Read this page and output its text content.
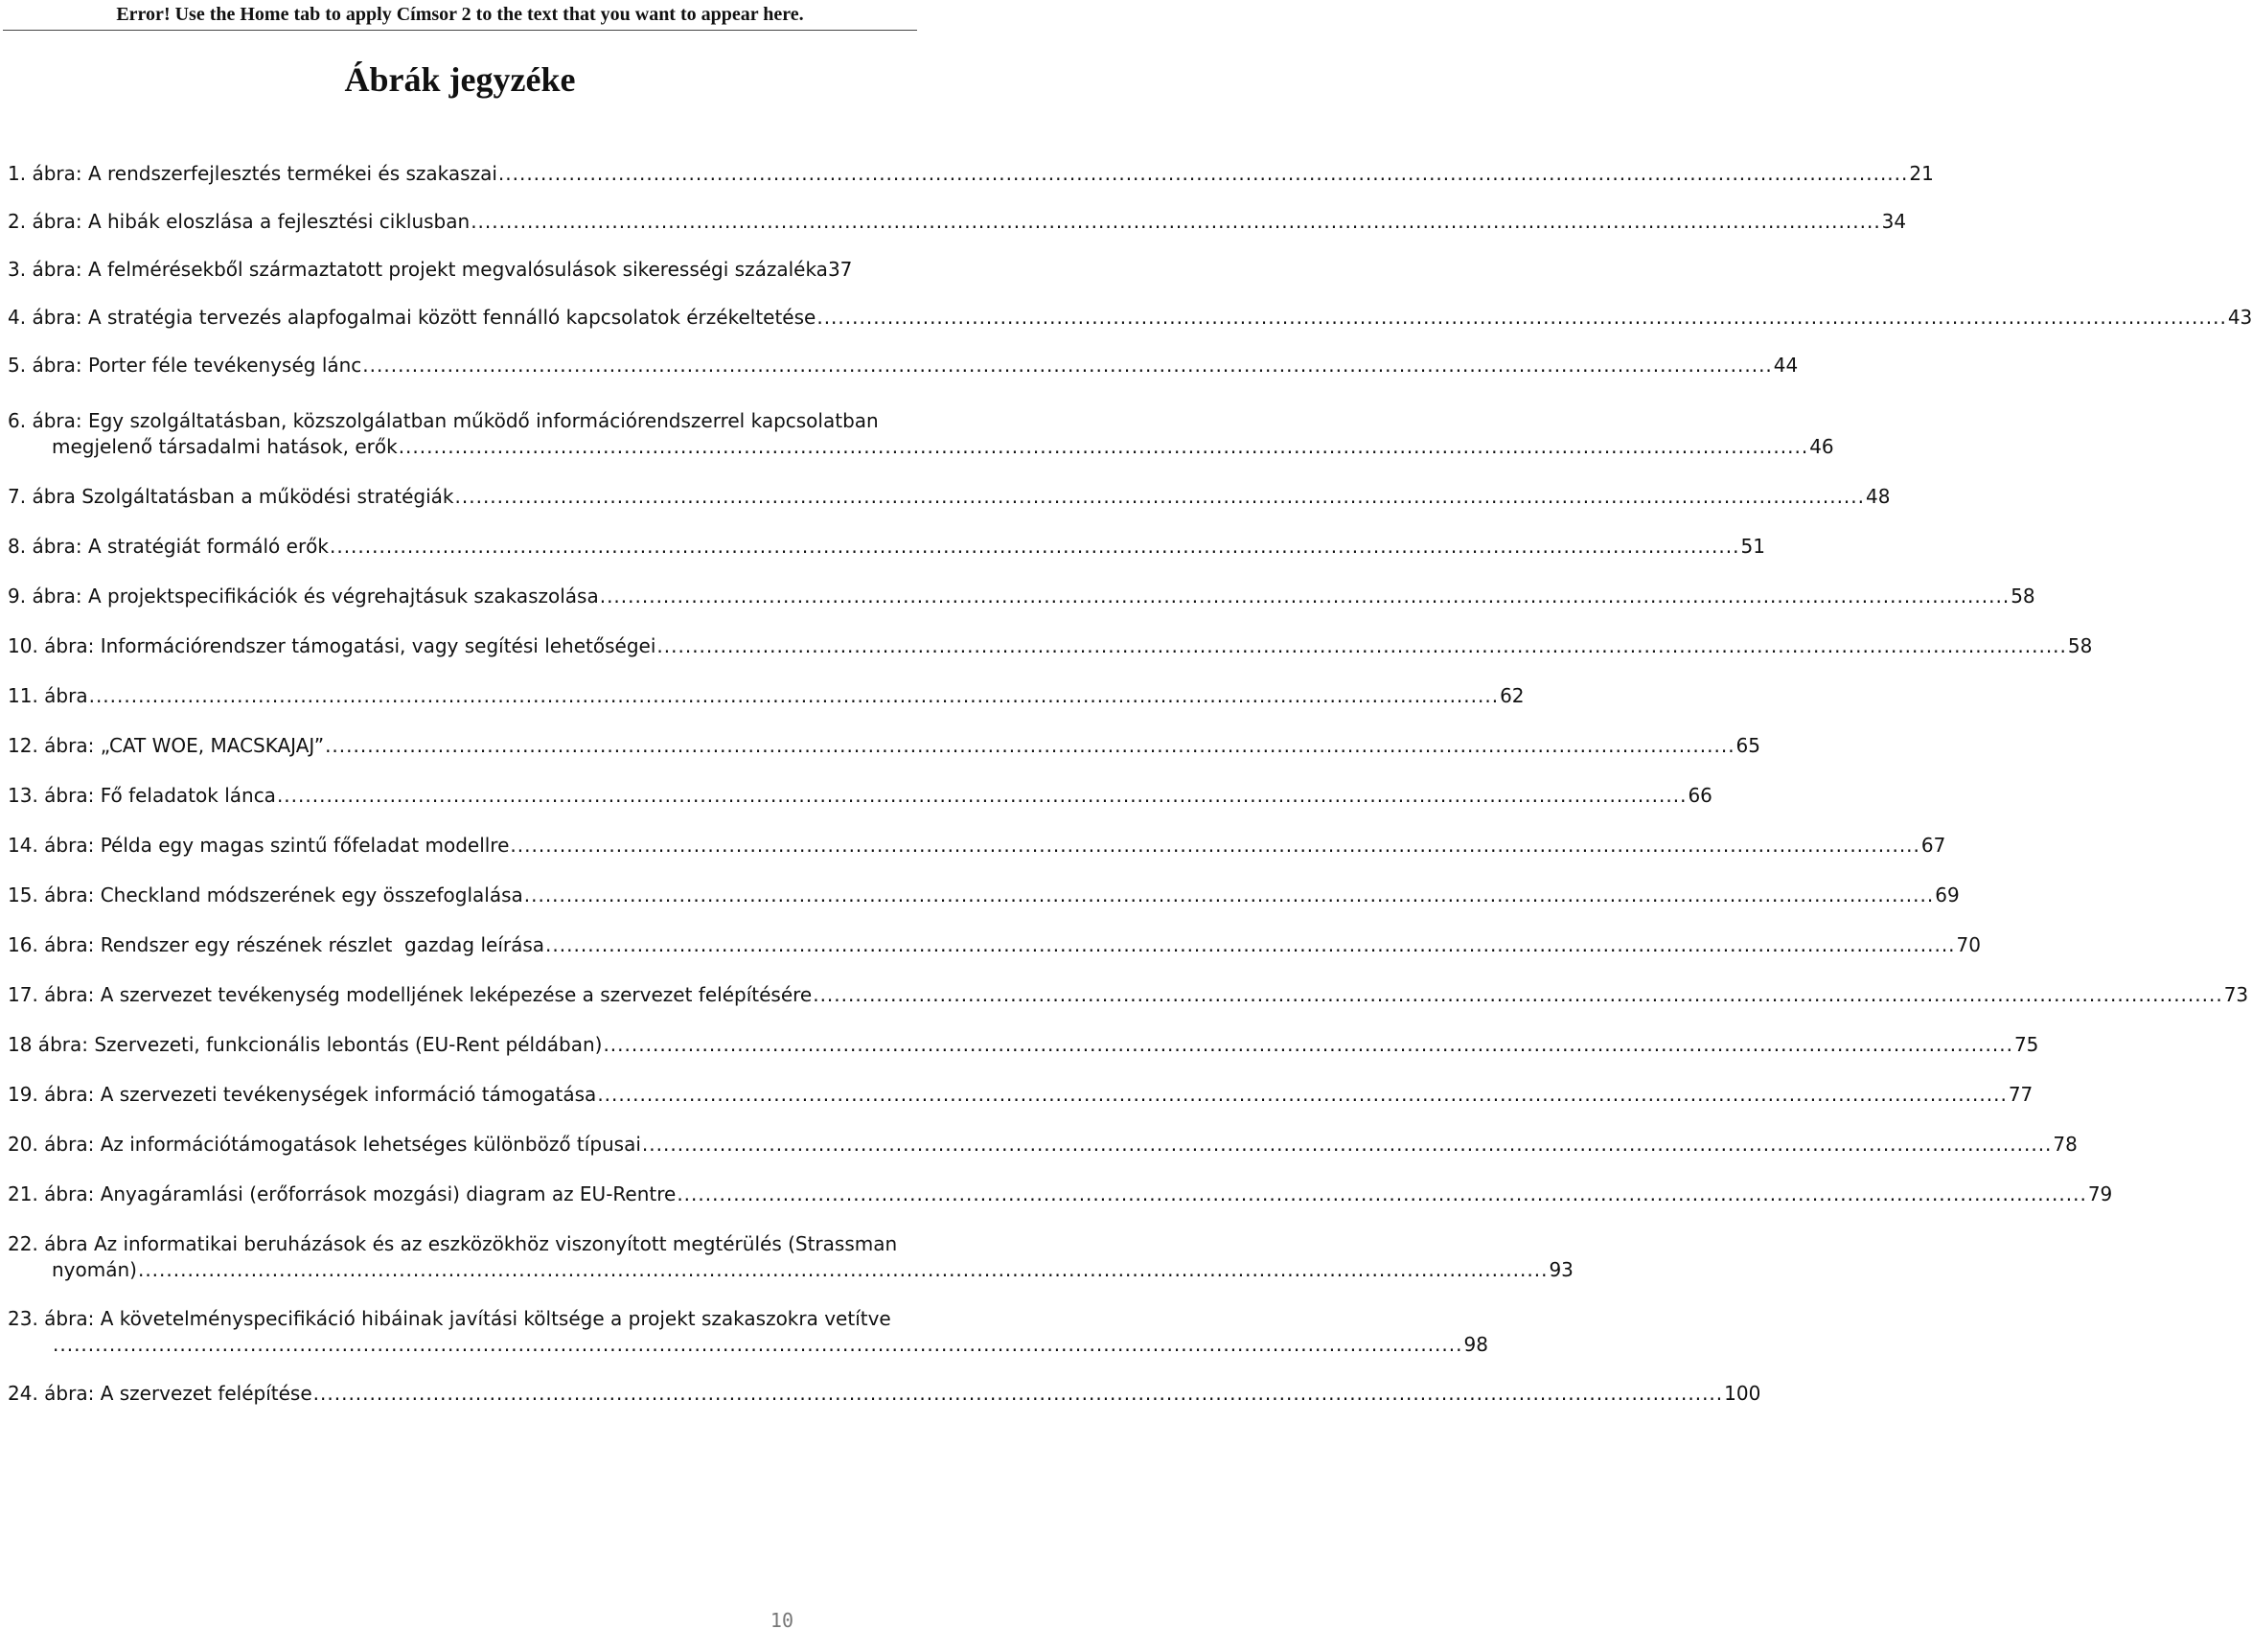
Error! Use the Home tab to apply Címsor 2 to the text that you want to appear here.
Ábrák jegyzéke
1. ábra: A rendszerfejlesztés termékei és szakaszai ........................................................................................................................................................................................................ 21
2. ábra: A hibák eloszlása a fejlesztési ciklusban ........................................................................................................................................................................................................ 34
3. ábra: A felmérésekből származtatott projekt megvalósulások sikerességi százaléka 37
4. ábra: A stratégia tervezés alapfogalmai között fennálló kapcsolatok érzékeltetése ........................................................................................................................................................................................................ 43
5. ábra: Porter féle tevékenység lánc ........................................................................................................................................................................................................ 44
6. ábra: Egy szolgáltatásban, közszolgálatban működő információrendszerrel kapcsolatban
megjelenő társadalmi hatások, erők ........................................................................................................................................................................................................ 46
7. ábra Szolgáltatásban a működési stratégiák ........................................................................................................................................................................................................ 48
8. ábra: A stratégiát formáló erők ........................................................................................................................................................................................................ 51
9. ábra: A projektspecifikációk és végrehajtásuk szakaszolása ........................................................................................................................................................................................................ 58
10. ábra: Információrendszer támogatási, vagy segítési lehetőségei ........................................................................................................................................................................................................ 58
11. ábra ........................................................................................................................................................................................................ 62
12. ábra: „CAT WOE, MACSKAJAJ” ........................................................................................................................................................................................................ 65
13. ábra: Fő feladatok lánca ........................................................................................................................................................................................................ 66
14. ábra: Példa egy magas szintű főfeladat modellre ........................................................................................................................................................................................................ 67
15. ábra: Checkland módszerének egy összefoglalása ........................................................................................................................................................................................................ 69
16. ábra: Rendszer egy részének részlet  gazdag leírása ........................................................................................................................................................................................................ 70
17. ábra: A szervezet tevékenység modelljének leképezése a szervezet felépítésére ........................................................................................................................................................................................................ 73
18 ábra: Szervezeti, funkcionális lebontás (EU-Rent példában) ........................................................................................................................................................................................................ 75
19. ábra: A szervezeti tevékenységek információ támogatása ........................................................................................................................................................................................................ 77
20. ábra: Az információtámogatások lehetséges különböző típusai ........................................................................................................................................................................................................ 78
21. ábra: Anyagáramlási (erőforrások mozgási) diagram az EU-Rentre ........................................................................................................................................................................................................ 79
22. ábra Az informatikai beruházások és az eszközökhöz viszonyított megtérülés (Strassman
nyomán) ........................................................................................................................................................................................................ 93
23. ábra: A követelményspecifikáció hibáinak javítási költsége a projekt szakaszokra vetítve
........................................................................................................................................................................................................ 98
24. ábra: A szervezet felépítése ........................................................................................................................................................................................................ 100
10
